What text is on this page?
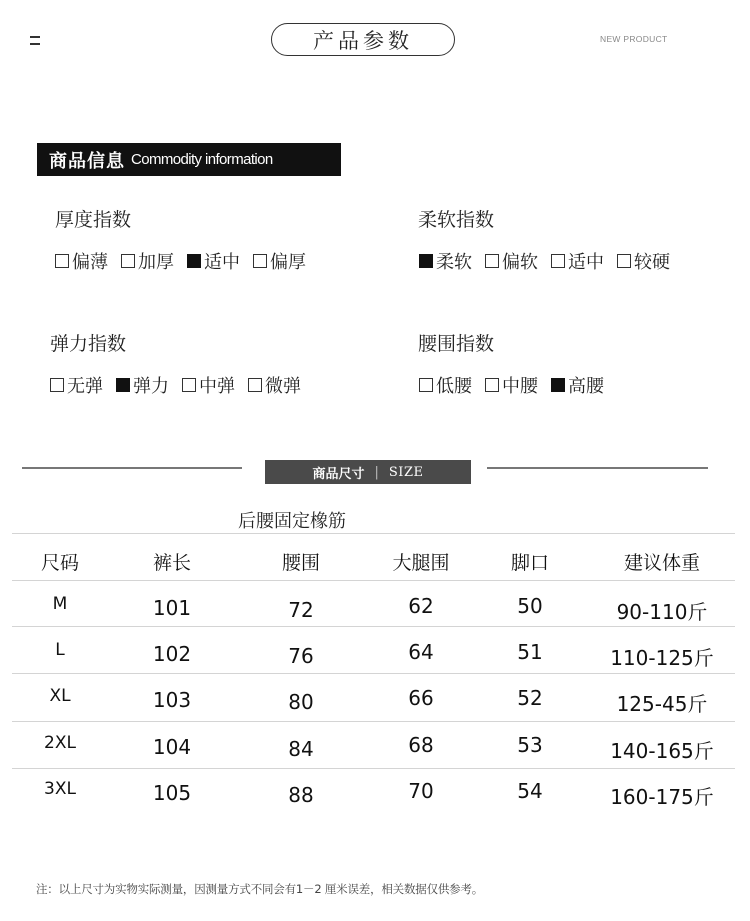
产品参数	NEW PRODUCT
商品信息 Commodity information
厚度指数
偏薄 加厚 适中 偏厚
柔软指数
柔软 偏软 适中 较硬
弹力指数
无弹 弹力 中弹 微弹
腰围指数
低腰 中腰 高腰
商品尺寸 | SIZE
后腰固定橡筋
尺码	裤长	腰围	大腿围	脚口	建议体重
M	101	72	62	50	90-110斤
L	102	76	64	51	110-125斤
XL	103	80	66	52	125-45斤
2XL	104	84	68	53	140-165斤
3XL	105	88	70	54	160-175斤
注：以上尺寸为实物实际测量，因测量方式不同会有1－2 厘米误差，相关数据仅供参考。
